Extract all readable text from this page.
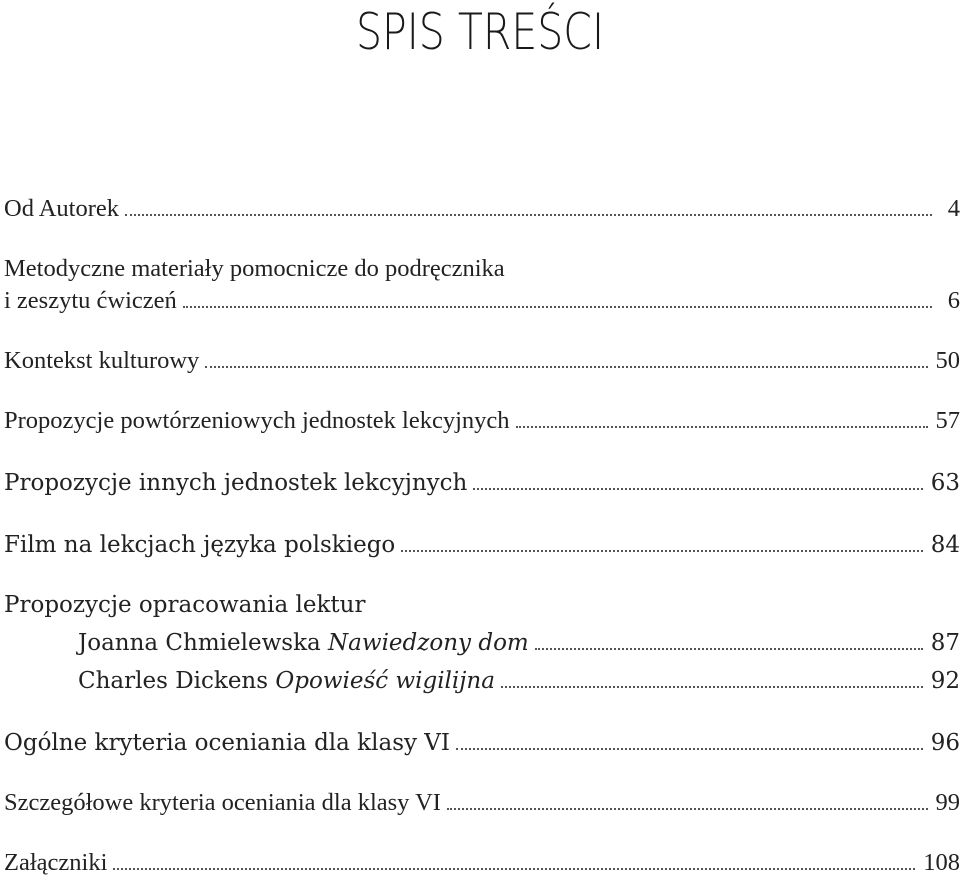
SPIS TREŚCI
Od Autorek	4
Metodyczne materiały pomocnicze do podręcznika
i zeszytu ćwiczeń	6
Kontekst kulturowy	50
Propozycje powtórzeniowych jednostek lekcyjnych	57
Propozycje innych jednostek lekcyjnych	63
Film na lekcjach języka polskiego	84
Propozycje opracowania lektur
Joanna Chmielewska Nawiedzony dom	87
Charles Dickens Opowieść wigilijna	92
Ogólne kryteria oceniania dla klasy VI	96
Szczegółowe kryteria oceniania dla klasy VI	99
Załączniki	108
